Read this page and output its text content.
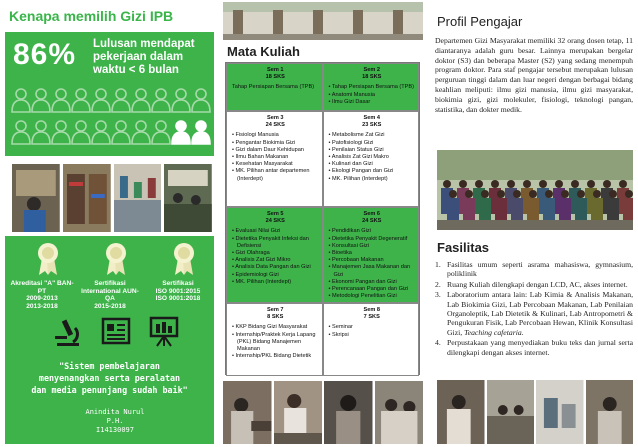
Kenapa memilih Gizi IPB
86% Lulusan mendapat
pekerjaan dalam
waktu < 6 bulan
Akreditasi "A" BAN-PT
2009-2013
2013-2018
Sertifikasi
International AUN-QA
2015-2018
Sertifikasi
ISO 9001:2015
ISO 9001:2018
"Sistem pembelajaran
menyenangkan serta peralatan
dan media penunjang sudah baik"
Anindita Nurul P.H.
I14130097
Mata Kuliah
Sem 1
18 SKS
Tahap Persiapan Bersama (TPB)
Sem 2
18 SKS
• Tahap Persiapan Bersama (TPB)
• Anatomi Manusia
• Ilmu Gizi Dasar
Sem 3
24 SKS
• Fisiologi Manusia
• Pengantar Biokimia Gizi
• Gizi dalam Daur Kehidupan
• Ilmu Bahan Makanan
• Kesehatan Masyarakat
• MK. Pilihan antar departemen (Interdept)
Sem 4
23 SKS
• Metabolisme Zat Gizi
• Patofisiologi Gizi
• Penilaian Status Gizi
• Analisis Zat Gizi Makro
• Kulinari dan Gizi
• Ekologi Pangan dan Gizi
• MK. Pilihan (Interdept)
Sem 5
24 SKS
• Evaluasi Nilai Gizi
• Dietetika Penyakit Infeksi dan Defisiensi
• Gizi Olahraga
• Analisis Zat Gizi Mikro
• Analisis Data Pangan dan Gizi
• Epidemiologi Gizi
• MK. Pilihan (Interdept)
Sem 6
24 SKS
• Pendidikan Gizi
• Dietetika Penyakit Degeneratif
• Konsultasi Gizi
• Bioetika
• Percobaan Makanan
• Manajemen Jasa Makanan dan Gizi
• Ekonomi Pangan dan Gizi
• Perencanaan Pangan dan Gizi
• Metodologi Penelitian Gizi
Sem 7
8 SKS
• KKP Bidang Gizi Masyarakat
• Internship/Praktek Kerja Lapang (PKL) Bidang Manajemen Makanan
• Internship/PKL Bidang Dietetik
Sem 8
7 SKS
• Seminar
• Skripsi
Profil Pengajar
Departemen Gizi Masyarakat memiliki 32 orang dosen tetap, 11 diantaranya adalah guru besar. Lainnya merupakan bergelar doktor (S3) dan beberapa Master (S2) yang sedang menempuh program doktor. Para staf pengajar tersebut merupakan lulusan perguruan tinggi dalam dan luar negeri dengan berbagai bidang keahlian meliputi: ilmu gizi manusia, ilmu gizi masyarakat, biokimia gizi, gizi molekuler, fisiologi, teknologi pangan, statistika, dan dokter medik.
Fasilitas
1. Fasilitas umum seperti asrama mahasiswa, gymnasium, poliklinik
2. Ruang Kuliah dilengkapi dengan LCD, AC, akses internet.
3. Laboratorium antara lain: Lab Kimia & Analisis Makanan, Lab Biokimia Gizi, Lab Percobaan Makanan, Lab Penilaian Organoleptik, Lab Dietetik & Kulinari, Lab Antropometri & Pengukuran Fisik, Lab Percobaan Hewan, Klinik Konsultasi Gizi, Teaching cafetaria.
4. Perpustakaan yang menyediakan buku teks dan jurnal serta dilengkapi dengan akses internet.
